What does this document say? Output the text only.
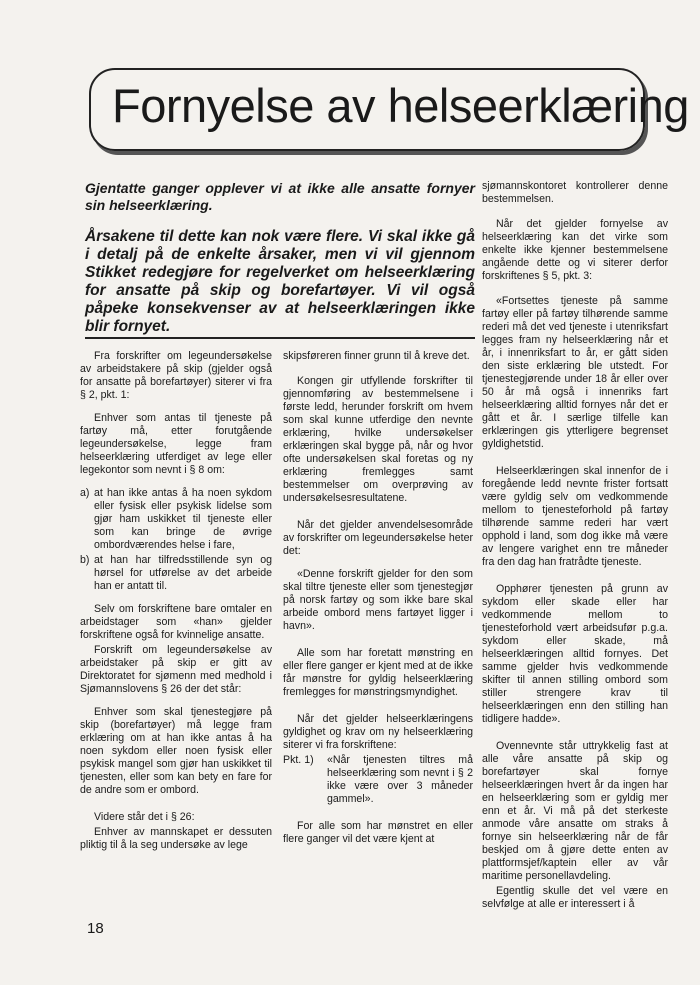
Fornyelse av helseerklæring

Gjentatte ganger opplever vi at ikke alle ansatte fornyer sin helseerklæring.

Årsakene til dette kan nok være flere. Vi skal ikke gå i detalj på de enkelte årsaker, men vi vil gjennom Stikket redegjøre for regelverket om helseerklæring for ansatte på skip og borefartøyer. Vi vil også påpeke konsekvenser av at helseerklæringen ikke blir fornyet.

Fra forskrifter om legeundersøkelse av arbeidstakere på skip (gjelder også for ansatte på borefartøyer) siterer vi fra § 2, pkt. 1:

Enhver som antas til tjeneste på fartøy må, etter forutgående legeundersøkelse, legge fram helseerklæring utferdiget av lege eller legekontor som nevnt i § 8 om:

a) at han ikke antas å ha noen sykdom eller fysisk eller psykisk lidelse som gjør ham uskikket til tjeneste eller som kan bringe de øvrige ombordværendes helse i fare,
b) at han har tilfredsstillende syn og hørsel for utførelse av det arbeide han er antatt til.

Selv om forskriftene bare omtaler en arbeidstager som «han» gjelder forskriftene også for kvinnelige ansatte.

Forskrift om legeundersøkelse av arbeidstaker på skip er gitt av Direktoratet for sjømenn med medhold i Sjømannslovens § 26 der det står:

Enhver som skal tjenestegjøre på skip (borefartøyer) må legge fram erklæring om at han ikke antas å ha noen sykdom eller noen fysisk eller psykisk mangel som gjør han uskikket til tjenesten, eller som kan bety en fare for de andre som er ombord.

Videre står det i § 26:

Enhver av mannskapet er dessuten pliktig til å la seg undersøke av lege

skipsføreren finner grunn til å kreve det.

Kongen gir utfyllende forskrifter til gjennomføring av bestemmelsene i første ledd, herunder forskrift om hvem som skal kunne utferdige den nevnte erklæring, hvilke undersøkelser erklæringen skal bygge på, når og hvor ofte undersøkelsen skal foretas og ny erklæring fremlegges samt bestemmelser om overprøving av undersøkelsesresultatene.

Når det gjelder anvendelsesområde av forskrifter om legeundersøkelse heter det:

«Denne forskrift gjelder for den som skal tiltre tjeneste eller som tjenestegjør på norsk fartøy og som ikke bare skal arbeide ombord mens fartøyet ligger i havn».

Alle som har foretatt mønstring en eller flere ganger er kjent med at de ikke får mønstre for gyldig helseerklæring fremlegges for mønstringsmyndighet.

Når det gjelder helseerklæringens gyldighet og krav om ny helseerklæring siterer vi fra forskriftene:

Pkt. 1)	«Når tjenesten tiltres må helseerklæring som nevnt i § 2 ikke være over 3 måneder gammel».

For alle som har mønstret en eller flere ganger vil det være kjent at

sjømannskontoret kontrollerer denne bestemmelsen.

Når det gjelder fornyelse av helseerklæring kan det virke som enkelte ikke kjenner bestemmelsene angående dette og vi siterer derfor forskriftenes § 5, pkt. 3:

«Fortsettes tjeneste på samme fartøy eller på fartøy tilhørende samme rederi må det ved tjeneste i utenriksfart legges fram ny helseerklæring når et år, i innenriksfart to år, er gått siden den siste erklæring ble utstedt. For tjenestegjørende under 18 år eller over 50 år må også i innenriks fart helseerklæring alltid fornyes når det er gått et år. I særlige tilfelle kan erklæringen gis ytterligere begrenset gyldighetstid.

Helseerklæringen skal innenfor de i foregående ledd nevnte frister fortsatt være gyldig selv om vedkommende mellom to tjenesteforhold på fartøy tilhørende samme rederi har vært opphold i land, som dog ikke må være av lengere varighet enn tre måneder fra den dag han fratrådte tjeneste.

Opphører tjenesten på grunn av sykdom eller skade eller har vedkommende mellom to tjenesteforhold vært arbeidsufør p.g.a. sykdom eller skade, må helseerklæringen alltid fornyes. Det samme gjelder hvis vedkommende skifter til annen stilling ombord som stiller strengere krav til helseerklæringen enn den stilling han tidligere hadde».

Ovennevnte står uttrykkelig fast at alle våre ansatte på skip og borefartøyer skal fornye helseerklæringen hvert år da ingen har en helseerklæring som er gyldig mer enn et år. Vi må på det sterkeste anmode våre ansatte om straks å fornye sin helseerklæring når de får beskjed om å gjøre dette enten av plattformsjef/kaptein eller av vår maritime personellavdeling.

Egentlig skulle det vel være en selvfølge at alle er interessert i å

18
